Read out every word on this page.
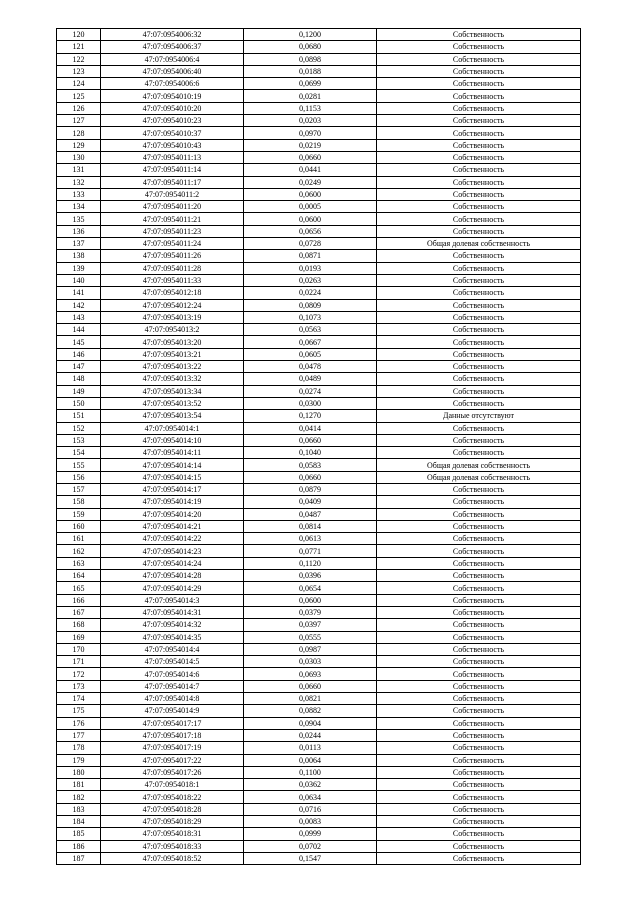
120	47:07:0954006:32	0,1200	Собственность
121	47:07:0954006:37	0,0680	Собственность
122	47:07:0954006:4	0,0898	Собственность
123	47:07:0954006:40	0,0188	Собственность
124	47:07:0954006:6	0,0699	Собственность
125	47:07:0954010:19	0,0281	Собственность
126	47:07:0954010:20	0,1153	Собственность
127	47:07:0954010:23	0,0203	Собственность
128	47:07:0954010:37	0,0970	Собственность
129	47:07:0954010:43	0,0219	Собственность
130	47:07:0954011:13	0,0660	Собственность
131	47:07:0954011:14	0,0441	Собственность
132	47:07:0954011:17	0,0249	Собственность
133	47:07:0954011:2	0,0600	Собственность
134	47:07:0954011:20	0,0005	Собственность
135	47:07:0954011:21	0,0600	Собственность
136	47:07:0954011:23	0,0656	Собственность
137	47:07:0954011:24	0,0728	Общая долевая собственность
138	47:07:0954011:26	0,0871	Собственность
139	47:07:0954011:28	0,0193	Собственность
140	47:07:0954011:33	0,0263	Собственность
141	47:07:0954012:18	0,0224	Собственность
142	47:07:0954012:24	0,0809	Собственность
143	47:07:0954013:19	0,1073	Собственность
144	47:07:0954013:2	0,0563	Собственность
145	47:07:0954013:20	0,0667	Собственность
146	47:07:0954013:21	0,0605	Собственность
147	47:07:0954013:22	0,0478	Собственность
148	47:07:0954013:32	0,0489	Собственность
149	47:07:0954013:34	0,0274	Собственность
150	47:07:0954013:52	0,0300	Собственность
151	47:07:0954013:54	0,1270	Данные отсутствуют
152	47:07:0954014:1	0,0414	Собственность
153	47:07:0954014:10	0,0660	Собственность
154	47:07:0954014:11	0,1040	Собственность
155	47:07:0954014:14	0,0583	Общая долевая собственность
156	47:07:0954014:15	0,0660	Общая долевая собственность
157	47:07:0954014:17	0,0879	Собственность
158	47:07:0954014:19	0,0409	Собственность
159	47:07:0954014:20	0,0487	Собственность
160	47:07:0954014:21	0,0814	Собственность
161	47:07:0954014:22	0,0613	Собственность
162	47:07:0954014:23	0,0771	Собственность
163	47:07:0954014:24	0,1120	Собственность
164	47:07:0954014:28	0,0396	Собственность
165	47:07:0954014:29	0,0654	Собственность
166	47:07:0954014:3	0,0600	Собственность
167	47:07:0954014:31	0,0379	Собственность
168	47:07:0954014:32	0,0397	Собственность
169	47:07:0954014:35	0,0555	Собственность
170	47:07:0954014:4	0,0987	Собственность
171	47:07:0954014:5	0,0303	Собственность
172	47:07:0954014:6	0,0693	Собственность
173	47:07:0954014:7	0,0660	Собственность
174	47:07:0954014:8	0,0821	Собственность
175	47:07:0954014:9	0,0882	Собственность
176	47:07:0954017:17	0,0904	Собственность
177	47:07:0954017:18	0,0244	Собственность
178	47:07:0954017:19	0,0113	Собственность
179	47:07:0954017:22	0,0064	Собственность
180	47:07:0954017:26	0,1100	Собственность
181	47:07:0954018:1	0,0362	Собственность
182	47:07:0954018:22	0,0634	Собственность
183	47:07:0954018:28	0,0716	Собственность
184	47:07:0954018:29	0,0083	Собственность
185	47:07:0954018:31	0,0999	Собственность
186	47:07:0954018:33	0,0702	Собственность
187	47:07:0954018:52	0,1547	Собственность
